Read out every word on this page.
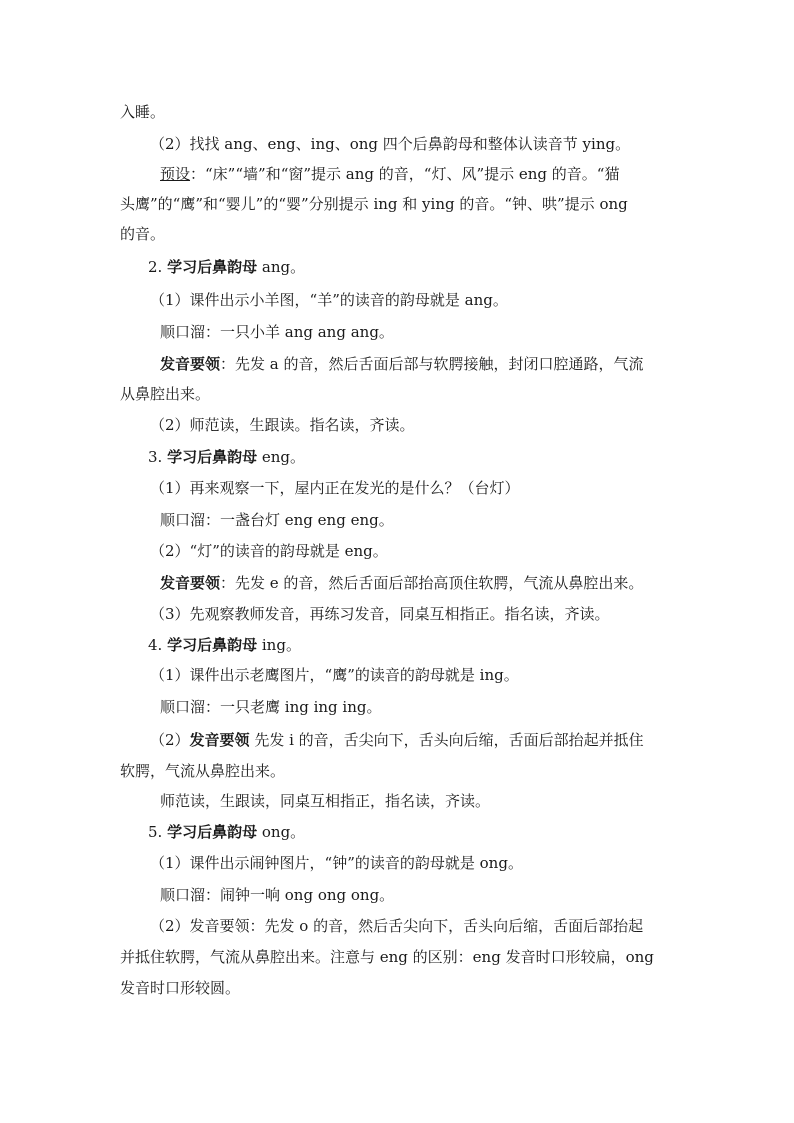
入睡。
（2）找找 ang、eng、ing、ong 四个后鼻韵母和整体认读音节 ying。
预设：“床”“墙”和“窗”提示 ang 的音，“灯、风”提示 eng 的音。“猫
头鹰”的“鹰”和“婴儿”的“婴”分别提示 ing 和 ying 的音。“钟、哄”提示 ong
的音。
2. 学习后鼻韵母 ang。
（1）课件出示小羊图，“羊”的读音的韵母就是 ang。
顺口溜：一只小羊 ang ang ang。
发音要领：先发 a 的音，然后舌面后部与软腭接触，封闭口腔通路，气流
从鼻腔出来。
（2）师范读，生跟读。指名读，齐读。
3. 学习后鼻韵母 eng。
（1）再来观察一下，屋内正在发光的是什么？（台灯）
顺口溜：一盏台灯 eng eng eng。
（2）“灯”的读音的韵母就是 eng。
发音要领：先发 e 的音，然后舌面后部抬高顶住软腭，气流从鼻腔出来。
（3）先观察教师发音，再练习发音，同桌互相指正。指名读，齐读。
4. 学习后鼻韵母 ing。
（1）课件出示老鹰图片，“鹰”的读音的韵母就是 ing。
顺口溜：一只老鹰 ing ing ing。
（2）发音要领 先发 i 的音，舌尖向下，舌头向后缩，舌面后部抬起并抵住
软腭，气流从鼻腔出来。
师范读，生跟读，同桌互相指正，指名读，齐读。
5. 学习后鼻韵母 ong。
（1）课件出示闹钟图片，“钟”的读音的韵母就是 ong。
顺口溜：闹钟一响 ong ong ong。
（2）发音要领：先发 o 的音，然后舌尖向下，舌头向后缩，舌面后部抬起
并抵住软腭，气流从鼻腔出来。注意与 eng 的区别：eng 发音时口形较扁，ong
发音时口形较圆。
